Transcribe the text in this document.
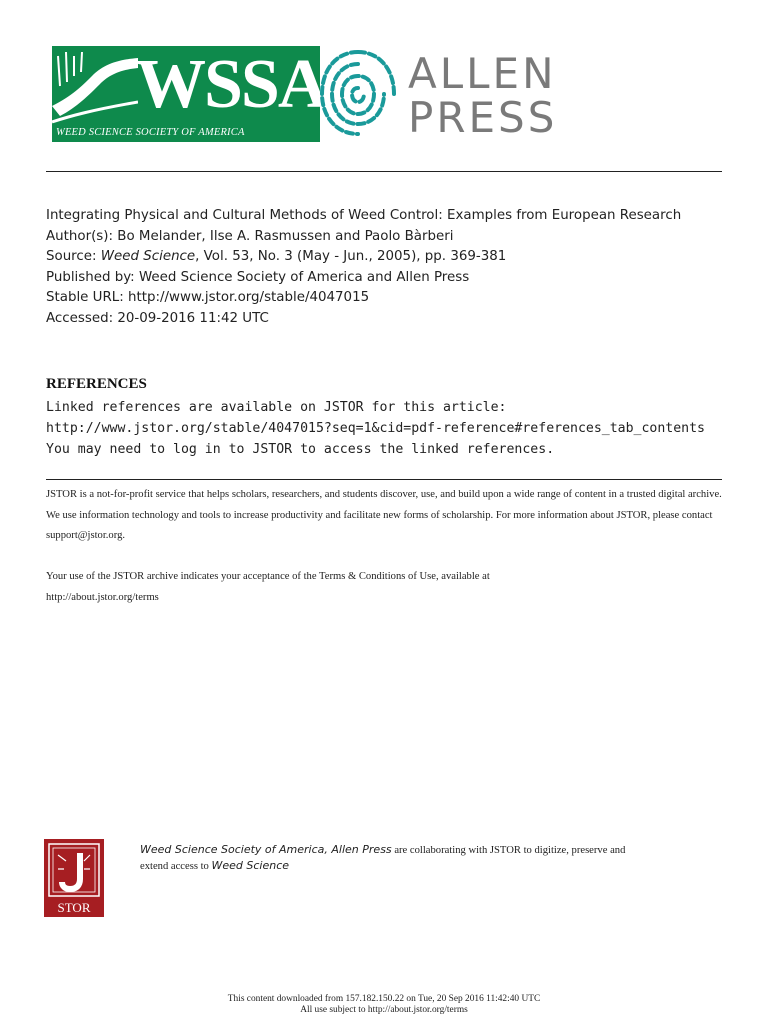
WSSA
WEED SCIENCE SOCIETY OF AMERICA
ALLEN
PRESS
Integrating Physical and Cultural Methods of Weed Control: Examples from European Research
Author(s): Bo Melander, Ilse A. Rasmussen and Paolo Bàrberi
Source: Weed Science, Vol. 53, No. 3 (May - Jun., 2005), pp. 369-381
Published by: Weed Science Society of America and Allen Press
Stable URL: http://www.jstor.org/stable/4047015
Accessed: 20-09-2016 11:42 UTC
REFERENCES
Linked references are available on JSTOR for this article:
http://www.jstor.org/stable/4047015?seq=1&cid=pdf-reference#references_tab_contents
You may need to log in to JSTOR to access the linked references.
JSTOR is a not-for-profit service that helps scholars, researchers, and students discover, use, and build upon a wide range of content in a trusted digital archive. We use information technology and tools to increase productivity and facilitate new forms of scholarship. For more information about JSTOR, please contact support@jstor.org.
Your use of the JSTOR archive indicates your acceptance of the Terms & Conditions of Use, available at
http://about.jstor.org/terms
STOR
Weed Science Society of America, Allen Press are collaborating with JSTOR to digitize, preserve and
extend access to Weed Science
This content downloaded from 157.182.150.22 on Tue, 20 Sep 2016 11:42:40 UTC
All use subject to http://about.jstor.org/terms
